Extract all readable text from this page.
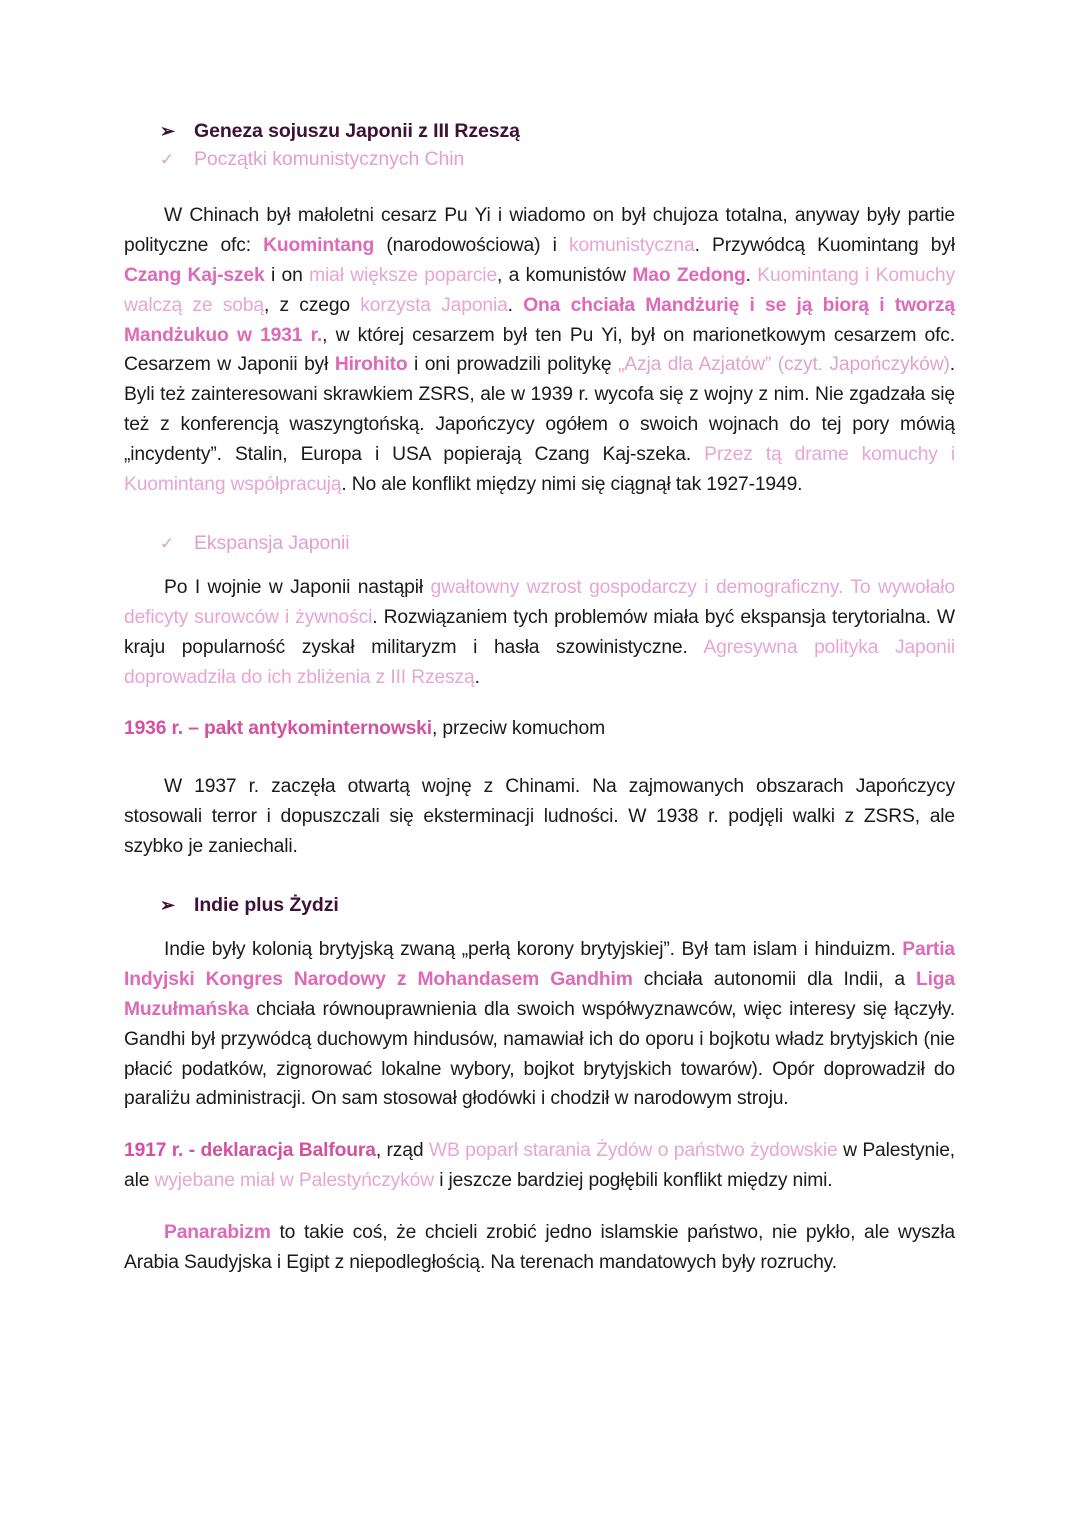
➢ Geneza sojuszu Japonii z III Rzeszą
✓	Początki komunistycznych Chin

W Chinach był małoletni cesarz Pu Yi i wiadomo on był chujoza totalna, anyway były partie polityczne ofc: Kuomintang (narodowościowa) i komunistyczna. Przywódcą Kuomintang był Czang Kaj-szek i on miał większe poparcie, a komunistów Mao Zedong. Kuomintang i Komuchy walczą ze sobą, z czego korzysta Japonia. Ona chciała Mandżurię i se ją biorą i tworzą Mandżukuo w 1931 r., w której cesarzem był ten Pu Yi, był on marionetkowym cesarzem ofc. Cesarzem w Japonii był Hirohito i oni prowadzili politykę „Azja dla Azjatów” (czyt. Japończyków). Byli też zainteresowani skrawkiem ZSRS, ale w 1939 r. wycofa się z wojny z nim. Nie zgadzała się też z konferencją waszyngtońską. Japończycy ogółem o swoich wojnach do tej pory mówią „incydenty”. Stalin, Europa i USA popierają Czang Kaj-szeka. Przez tą drame komuchy i Kuomintang współpracują. No ale konflikt między nimi się ciągnął tak 1927-1949.

✓	Ekspansja Japonii

Po I wojnie w Japonii nastąpił gwałtowny wzrost gospodarczy i demograficzny. To wywołało deficyty surowców i żywności. Rozwiązaniem tych problemów miała być ekspansja terytorialna. W kraju popularność zyskał militaryzm i hasła szowinistyczne. Agresywna polityka Japonii doprowadziła do ich zbliżenia z III Rzeszą.

1936 r. – pakt antykominternowski, przeciw komuchom

W 1937 r. zaczęła otwartą wojnę z Chinami. Na zajmowanych obszarach Japończycy stosowali terror i dopuszczali się eksterminacji ludności. W 1938 r. podjęli walki z ZSRS, ale szybko je zaniechali.

➢ Indie plus Żydzi

Indie były kolonią brytyjską zwaną „perłą korony brytyjskiej”. Był tam islam i hinduizm. Partia Indyjski Kongres Narodowy z Mohandasem Gandhim chciała autonomii dla Indii, a Liga Muzułmańska chciała równouprawnienia dla swoich współwyznawców, więc interesy się łączyły. Gandhi był przywódcą duchowym hindusów, namawiał ich do oporu i bojkotu władz brytyjskich (nie płacić podatków, zignorować lokalne wybory, bojkot brytyjskich towarów). Opór doprowadził do paraliżu administracji. On sam stosował głodówki i chodził w narodowym stroju.

1917 r. - deklaracja Balfoura, rząd WB poparł starania Żydów o państwo żydowskie w Palestynie, ale wyjebane miał w Palestyńczyków i jeszcze bardziej pogłębili konflikt między nimi.

Panarabizm to takie coś, że chcieli zrobić jedno islamskie państwo, nie pykło, ale wyszła Arabia Saudyjska i Egipt z niepodległością. Na terenach mandatowych były rozruchy.
